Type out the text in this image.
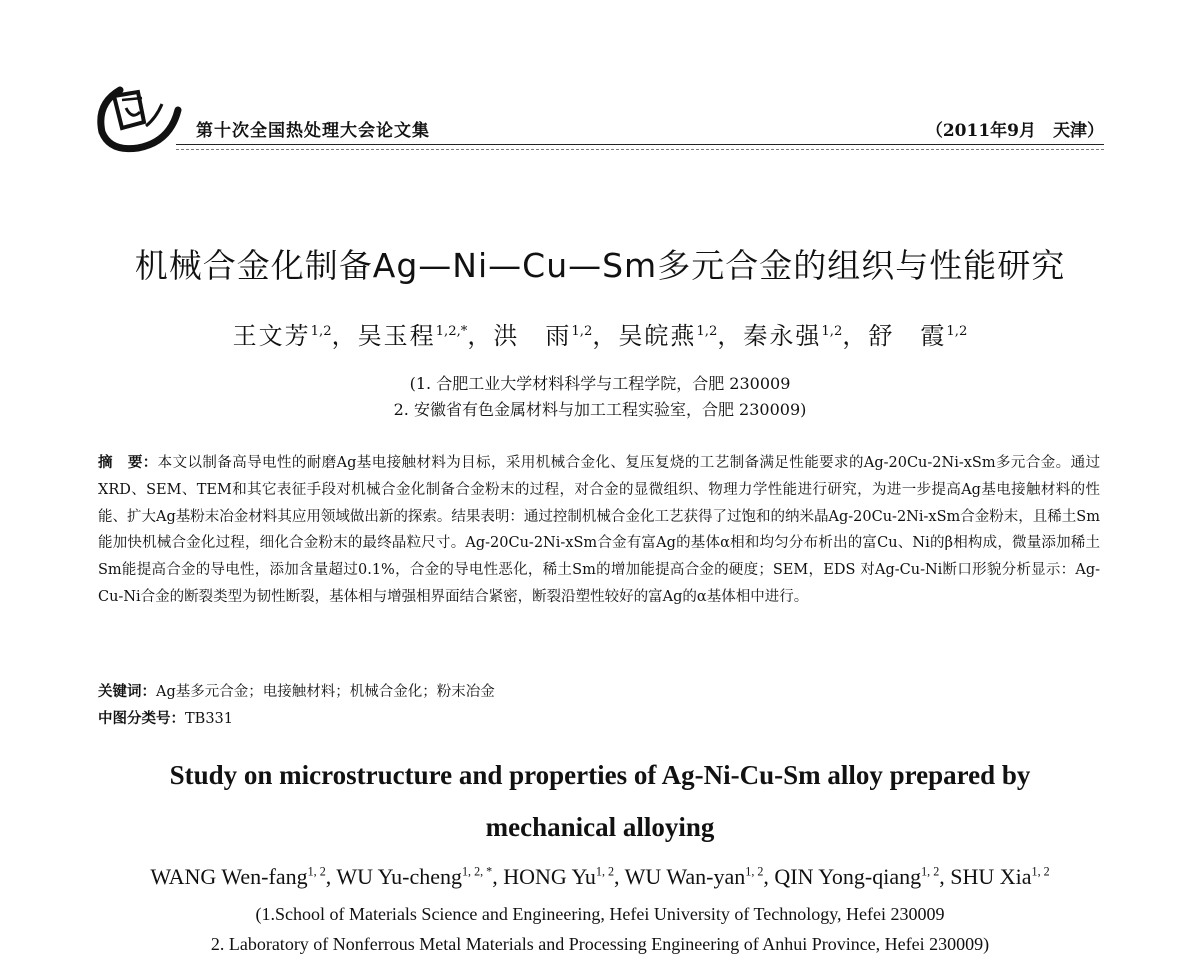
第十次全国热处理大会论文集	（2011年9月　天津）
机械合金化制备Ag—Ni—Cu—Sm多元合金的组织与性能研究
王文芳$^{1,2}$，吴玉程$^{1,2,*}$，洪　雨$^{1,2}$，吴皖燕$^{1,2}$，秦永强$^{1,2}$，舒　霞$^{1,2}$
(1. 合肥工业大学材料科学与工程学院，合肥 230009
2. 安徽省有色金属材料与加工工程实验室，合肥 230009)
摘　要：本文以制备高导电性的耐磨Ag基电接触材料为目标，采用机械合金化、复压复烧的工艺制备满足性能要求的Ag-20Cu-2Ni-xSm多元合金。通过XRD、SEM、TEM和其它表征手段对机械合金化制备合金粉末的过程，对合金的显微组织、物理力学性能进行研究，为进一步提高Ag基电接触材料的性能、扩大Ag基粉末冶金材料其应用领域做出新的探索。结果表明：通过控制机械合金化工艺获得了过饱和的纳米晶Ag-20Cu-2Ni-xSm合金粉末，且稀土Sm能加快机械合金化过程，细化合金粉末的最终晶粒尺寸。Ag-20Cu-2Ni-xSm合金有富Ag的基体α相和均匀分布析出的富Cu、Ni的β相构成，微量添加稀土Sm能提高合金的导电性，添加含量超过0.1%，合金的导电性恶化，稀土Sm的增加能提高合金的硬度；SEM，EDS 对Ag-Cu-Ni断口形貌分析显示：Ag-Cu-Ni合金的断裂类型为韧性断裂，基体相与增强相界面结合紧密，断裂沿塑性较好的富Ag的α基体相中进行。
关键词：Ag基多元合金；电接触材料；机械合金化；粉末冶金
中图分类号：TB331
Study on microstructure and properties of Ag-Ni-Cu-Sm alloy prepared by
mechanical alloying
WANG Wen-fang$^{1, 2}$, WU Yu-cheng$^{1, 2, *}$, HONG Yu$^{1, 2}$, WU Wan-yan$^{1, 2}$, QIN Yong-qiang$^{1, 2}$, SHU Xia$^{1, 2}$
(1.School of Materials Science and Engineering, Hefei University of Technology, Hefei 230009
2. Laboratory of Nonferrous Metal Materials and Processing Engineering of Anhui Province, Hefei 230009)
